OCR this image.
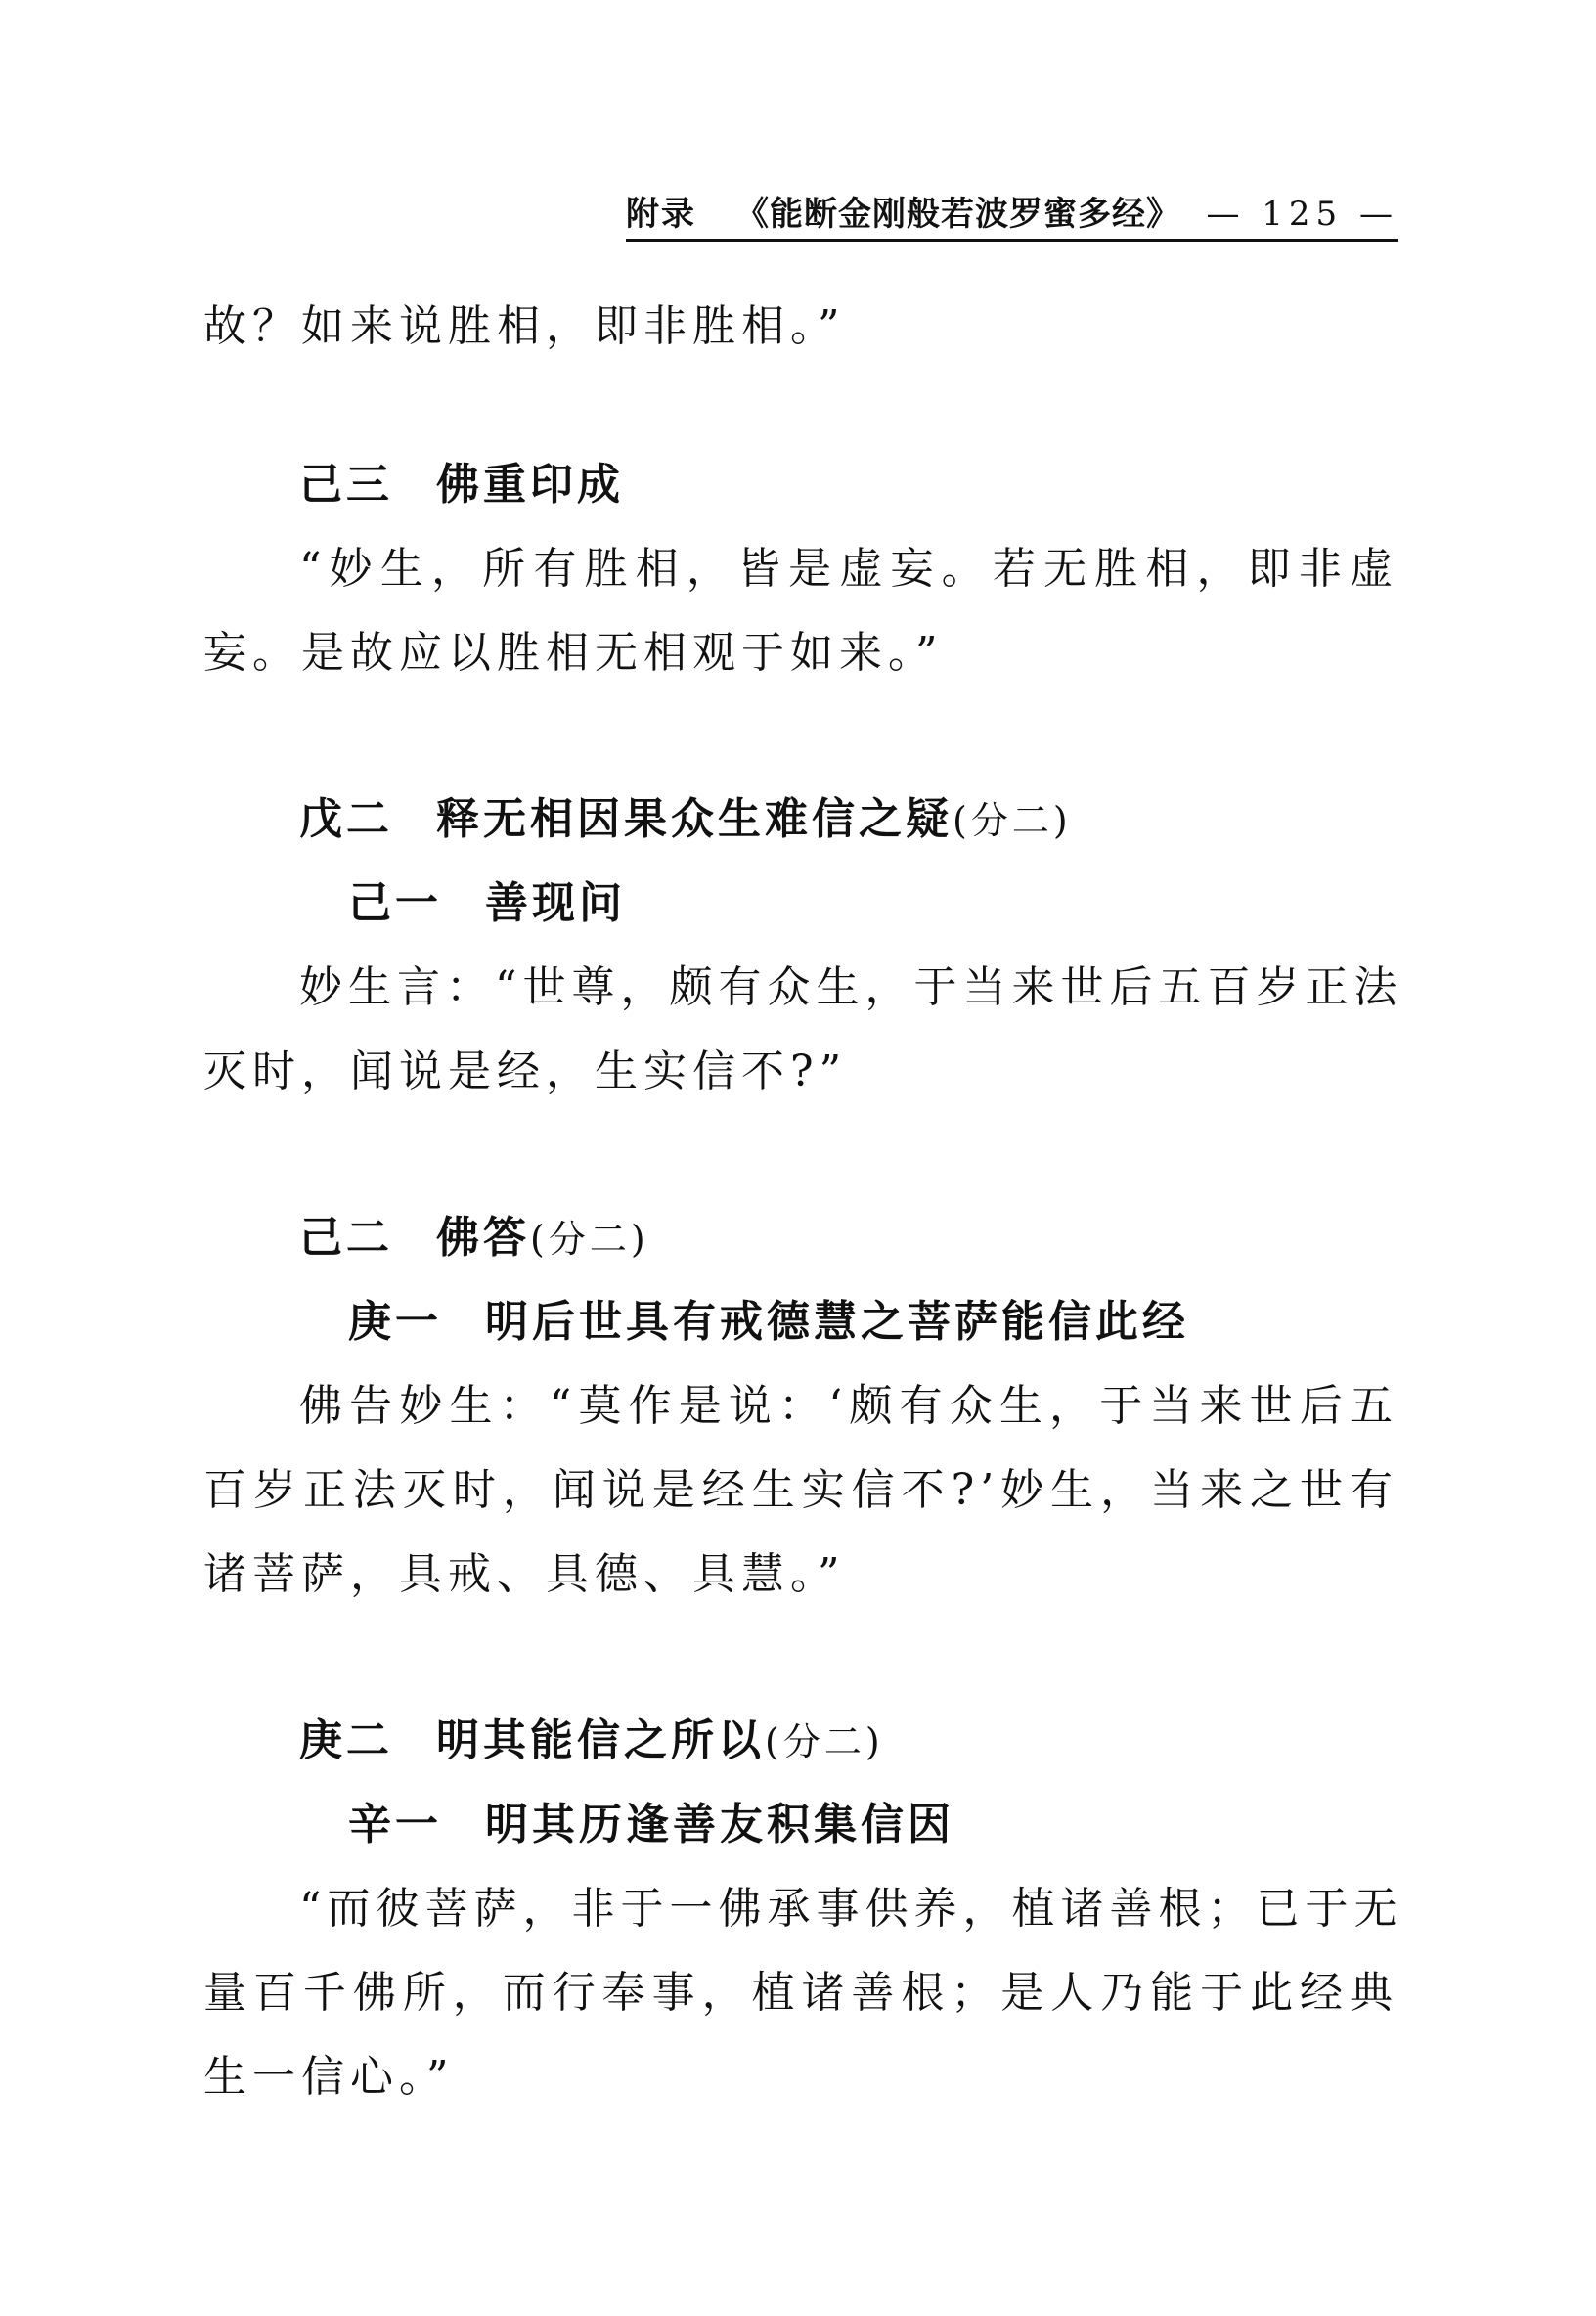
附录 《能断金刚般若波罗蜜多经》 — 125 —
故？如来说胜相，即非胜相。”
己三 佛重印成
“妙生，所有胜相，皆是虚妄。若无胜相，即非虚
妄。是故应以胜相无相观于如来。”
戊二 释无相因果众生难信之疑(分二)
己一 善现问
妙生言：“世尊，颇有众生，于当来世后五百岁正法
灭时，闻说是经，生实信不?”
己二 佛答(分二)
庚一 明后世具有戒德慧之菩萨能信此经
佛告妙生：“莫作是说：‘颇有众生，于当来世后五
百岁正法灭时，闻说是经生实信不?’妙生，当来之世有
诸菩萨，具戒、具德、具慧。”
庚二 明其能信之所以(分二)
辛一 明其历逢善友积集信因
“而彼菩萨，非于一佛承事供养，植诸善根；已于无
量百千佛所，而行奉事，植诸善根；是人乃能于此经典
生一信心。”
